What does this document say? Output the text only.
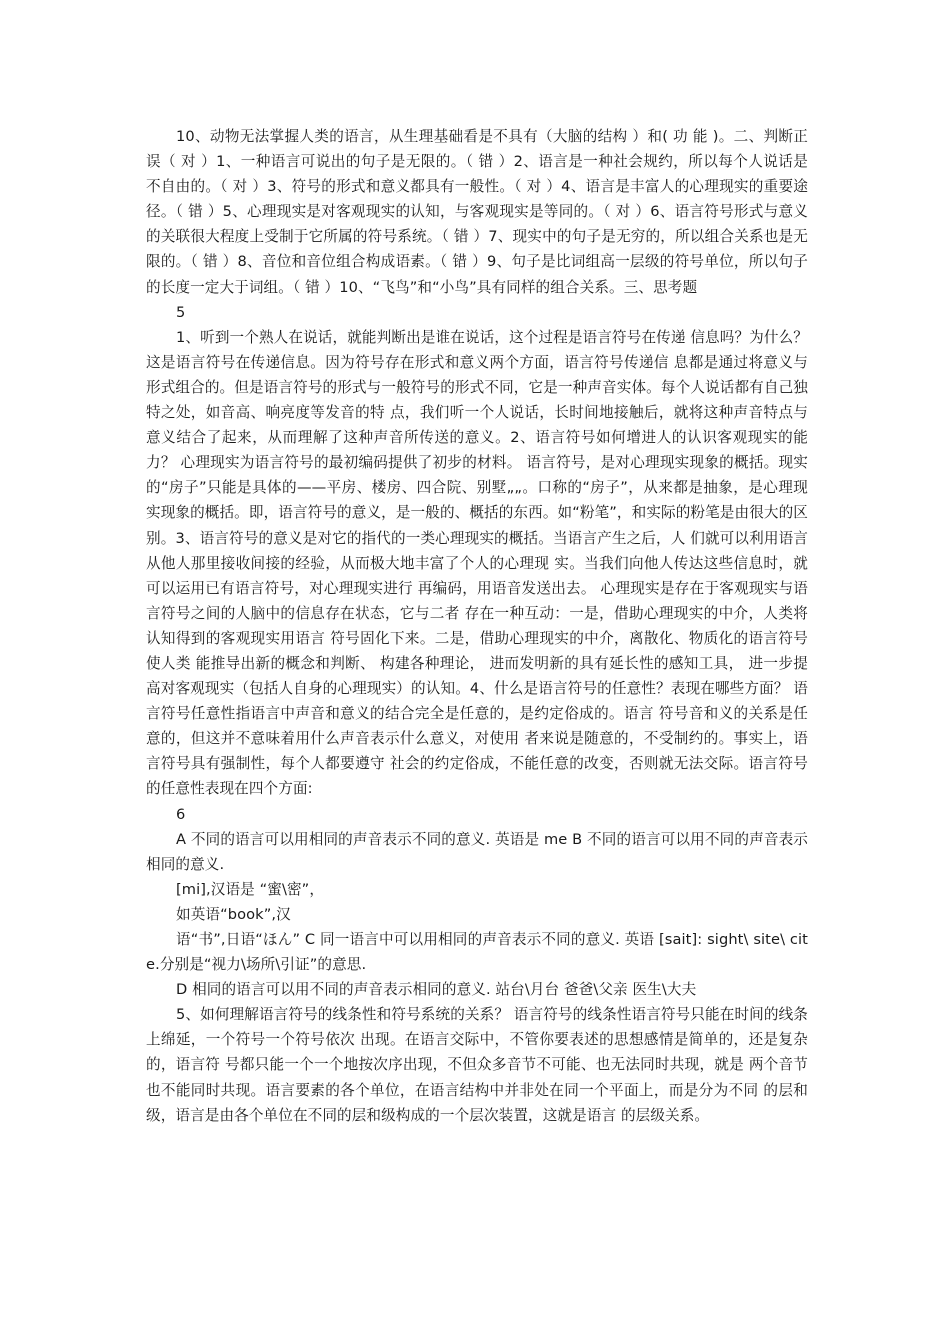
10、动物无法掌握人类的语言，从生理基础看是不具有（大脑的结构 ）和( 功 能 )。二、判断正误（ 对 ）1、一种语言可说出的句子是无限的。（ 错 ）2、语言是一种社会规约，所以每个人说话是不自由的。（ 对 ）3、符号的形式和意义都具有一般性。（ 对 ）4、语言是丰富人的心理现实的重要途径。（ 错 ）5、心理现实是对客观现实的认知，与客观现实是等同的。（ 对 ）6、语言符号形式与意义的关联很大程度上受制于它所属的符号系统。（ 错 ）7、现实中的句子是无穷的，所以组合关系也是无限的。（ 错 ）8、音位和音位组合构成语素。（ 错 ）9、句子是比词组高一层级的符号单位，所以句子的长度一定大于词组。（ 错 ）10、“飞鸟”和“小鸟”具有同样的组合关系。三、思考题

5

1、听到一个熟人在说话，就能判断出是谁在说话，这个过程是语言符号在传递 信息吗？为什么？ 这是语言符号在传递信息。因为符号存在形式和意义两个方面，语言符号传递信 息都是通过将意义与形式组合的。但是语言符号的形式与一般符号的形式不同，它是一种声音实体。每个人说话都有自己独特之处，如音高、响亮度等发音的特 点，我们听一个人说话，长时间地接触后，就将这种声音特点与意义结合了起来，从而理解了这种声音所传送的意义。2、语言符号如何增进人的认识客观现实的能力？ 心理现实为语言符号的最初编码提供了初步的材料。 语言符号，是对心理现实现象的概括。现实的“房子”只能是具体的——平房、楼房、四合院、别墅„„。口称的“房子”，从来都是抽象，是心理现实现象的概括。即，语言符号的意义，是一般的、概括的东西。如“粉笔”，和实际的粉笔是由很大的区别。3、语言符号的意义是对它的指代的一类心理现实的概括。当语言产生之后，人 们就可以利用语言从他人那里接收间接的经验，从而极大地丰富了个人的心理现 实。当我们向他人传达这些信息时，就可以运用已有语言符号，对心理现实进行 再编码，用语音发送出去。 心理现实是存在于客观现实与语言符号之间的人脑中的信息存在状态，它与二者 存在一种互动：一是，借助心理现实的中介，人类将认知得到的客观现实用语言 符号固化下来。二是，借助心理现实的中介，离散化、物质化的语言符号使人类 能推导出新的概念和判断、 构建各种理论， 进而发明新的具有延长性的感知工具， 进一步提高对客观现实（包括人自身的心理现实）的认知。4、什么是语言符号的任意性？表现在哪些方面？ 语言符号任意性指语言中声音和意义的结合完全是任意的，是约定俗成的。语言 符号音和义的关系是任意的，但这并不意味着用什么声音表示什么意义，对使用 者来说是随意的，不受制约的。事实上，语言符号具有强制性，每个人都要遵守 社会的约定俗成，不能任意的改变，否则就无法交际。语言符号的任意性表现在四个方面:

6

A 不同的语言可以用相同的声音表示不同的意义. 英语是 me B 不同的语言可以用不同的声音表示相同的意义.

[mi],汉语是 “蜜\密”，

如英语“book”,汉

语“书”,日语“ほん” C 同一语言中可以用相同的声音表示不同的意义. 英语 [sait]: sight\ site\ cite.分别是“视力\场所\引证”的意思.

D 相同的语言可以用不同的声音表示相同的意义. 站台\月台 爸爸\父亲 医生\大夫

5、如何理解语言符号的线条性和符号系统的关系？ 语言符号的线条性语言符号只能在时间的线条上绵延，一个符号一个符号依次 出现。在语言交际中，不管你要表述的思想感情是简单的，还是复杂的，语言符 号都只能一个一个地按次序出现，不但众多音节不可能、也无法同时共现，就是 两个音节也不能同时共现。语言要素的各个单位，在语言结构中并非处在同一个平面上，而是分为不同 的层和级，语言是由各个单位在不同的层和级构成的一个层次装置，这就是语言 的层级关系。
